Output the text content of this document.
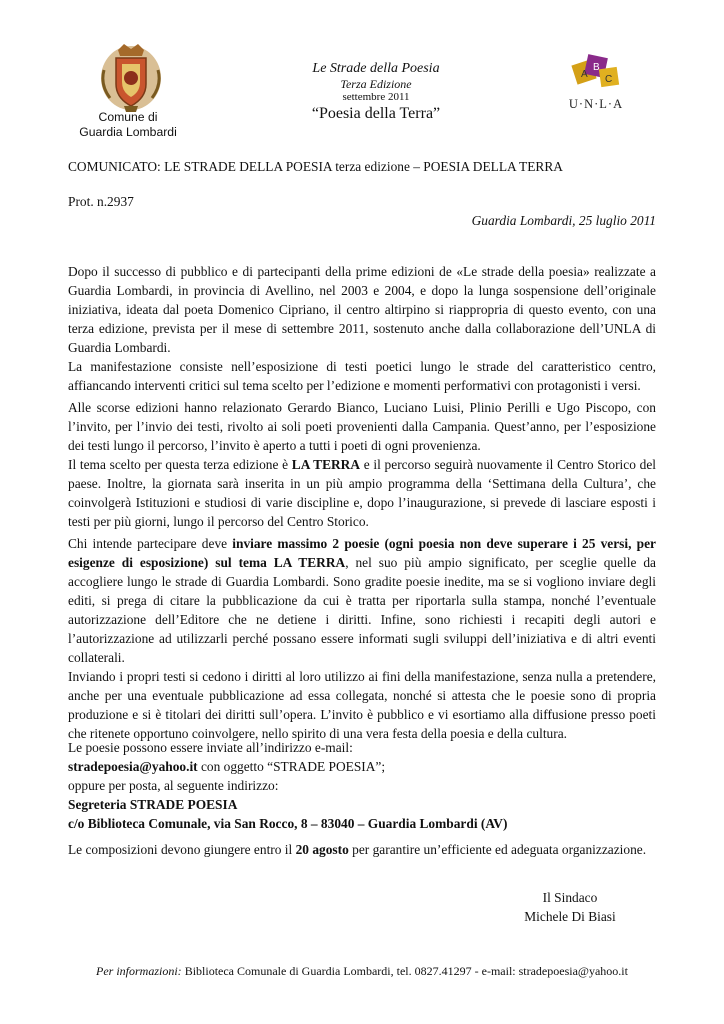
Comune di
Guardia Lombardi
Le Strade della Poesia
Terza Edizione
settembre 2011
“Poesia della Terra”
A
B
C
U·N·L·A
COMUNICATO: LE STRADE DELLA POESIA terza edizione – POESIA DELLA TERRA
Prot. n.2937
Guardia Lombardi, 25 luglio 2011

Dopo il successo di pubblico e di partecipanti della prime edizioni de «Le strade della poesia» realizzate a Guardia Lombardi, in provincia di Avellino, nel 2003 e 2004, e dopo la lunga sospensione dell’originale iniziativa, ideata dal poeta Domenico Cipriano, il centro altirpino si riappropria di questo evento, con una terza edizione, prevista per il mese di settembre 2011, sostenuto anche dalla collaborazione dell’UNLA di Guardia Lombardi.

La manifestazione consiste nell’esposizione di testi poetici lungo le strade del caratteristico centro, affiancando interventi critici sul tema scelto per l’edizione e momenti performativi con protagonisti i versi.

Alle scorse edizioni hanno relazionato Gerardo Bianco, Luciano Luisi, Plinio Perilli e Ugo Piscopo, con l’invito, per l’invio dei testi, rivolto ai soli poeti provenienti dalla Campania. Quest’anno, per l’esposizione dei testi lungo il percorso, l’invito è aperto a tutti i poeti di ogni provenienza.

Il tema scelto per questa terza edizione è LA TERRA e il percorso seguirà nuovamente il Centro Storico del paese. Inoltre, la giornata sarà inserita in un più ampio programma della ‘Settimana della Cultura’, che coinvolgerà Istituzioni e studiosi di varie discipline e, dopo l’inaugurazione, si prevede di lasciare esposti i testi per più giorni, lungo il percorso del Centro Storico.

Chi intende partecipare deve inviare massimo 2 poesie (ogni poesia non deve superare i 25 versi, per esigenze di esposizione) sul tema LA TERRA, nel suo più ampio significato, per sceglie quelle da accogliere lungo le strade di Guardia Lombardi. Sono gradite poesie inedite, ma se si vogliono inviare degli editi, si prega di citare la pubblicazione da cui è tratta per riportarla sulla stampa, nonché l’eventuale autorizzazione dell’Editore che ne detiene i diritti. Infine, sono richiesti i recapiti degli autori e l’autorizzazione ad utilizzarli perché possano essere informati sugli sviluppi dell’iniziativa e di altri eventi collaterali.

Inviando i propri testi si cedono i diritti al loro utilizzo ai fini della manifestazione, senza nulla a pretendere, anche per una eventuale pubblicazione ad essa collegata, nonché si attesta che le poesie sono di propria produzione e si è titolari dei diritti sull’opera. L’invito è pubblico e vi esortiamo alla diffusione presso poeti che ritenete opportuno coinvolgere, nello spirito di una vera festa della poesia e della cultura.

Le poesie possono essere inviate all’indirizzo e-mail:

stradepoesia@yahoo.it con oggetto “STRADE POESIA”;

oppure per posta, al seguente indirizzo:

Segreteria STRADE POESIA

c/o Biblioteca Comunale, via San Rocco, 8 – 83040 – Guardia Lombardi (AV)

Le composizioni devono giungere entro il 20 agosto per garantire un’efficiente ed adeguata organizzazione.
Il Sindaco
Michele Di Biasi
Per informazioni: Biblioteca Comunale di Guardia Lombardi, tel. 0827.41297 - e-mail: stradepoesia@yahoo.it
